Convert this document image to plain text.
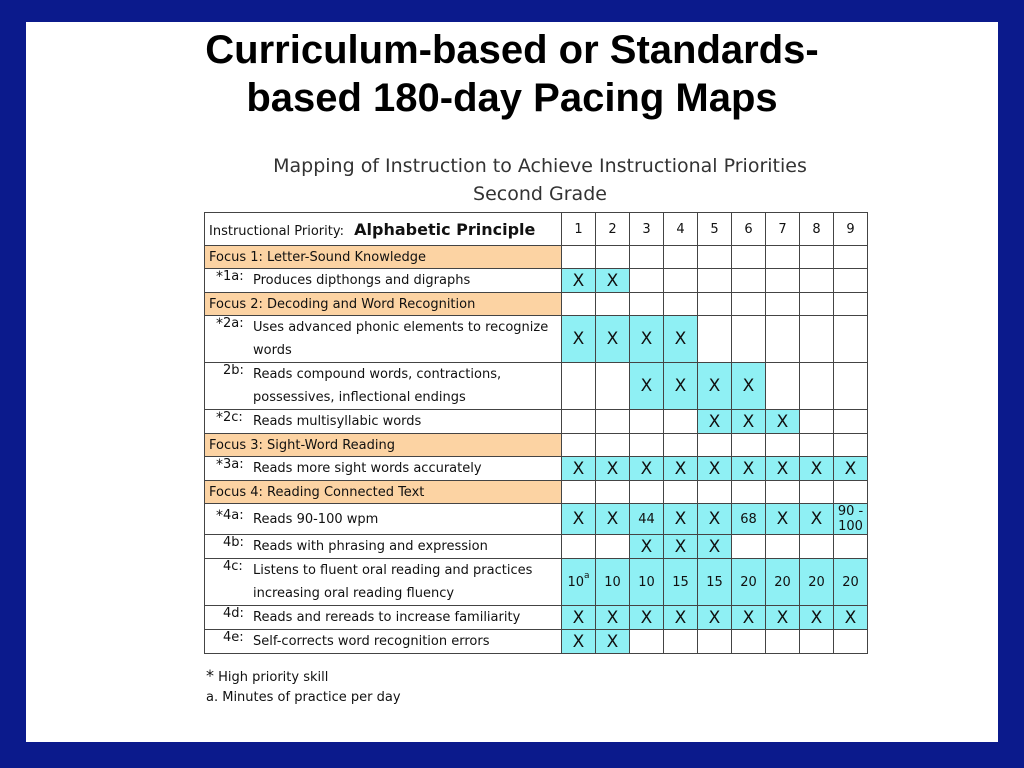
Curriculum-based or Standards-
based 180-day Pacing Maps
Mapping of Instruction to Achieve Instructional Priorities
Second Grade
Instructional Priority: Alphabetic Principle	1	2	3	4	5	6	7	8	9
Focus 1: Letter-Sound Knowledge									

* 1a: Produces dipthongs and digraphs	X	X							
Focus 2: Decoding and Word Recognition									

* 2a: Uses advanced phonic elements to recognize words	X	X	X	X					

2b: Reads compound words, contractions, possessives, inflectional endings			X	X	X	X			

* 2c: Reads multisyllabic words					X	X	X		
Focus 3: Sight-Word Reading									

* 3a: Reads more sight words accurately	X	X	X	X	X	X	X	X	X
Focus 4: Reading Connected Text									

* 4a: Reads 90-100 wpm	X	X	44	X	X	68	X	X	90 - 100

4b: Reads with phrasing and expression			X	X	X				

4c: Listens to fluent oral reading and practices increasing oral reading fluency	10$^a$	10	10	15	15	20	20	20	20

4d: Reads and rereads to increase familiarity	X	X	X	X	X	X	X	X	X

4e: Self-corrects word recognition errors	X	X							
* High priority skill
a. Minutes of practice per day
